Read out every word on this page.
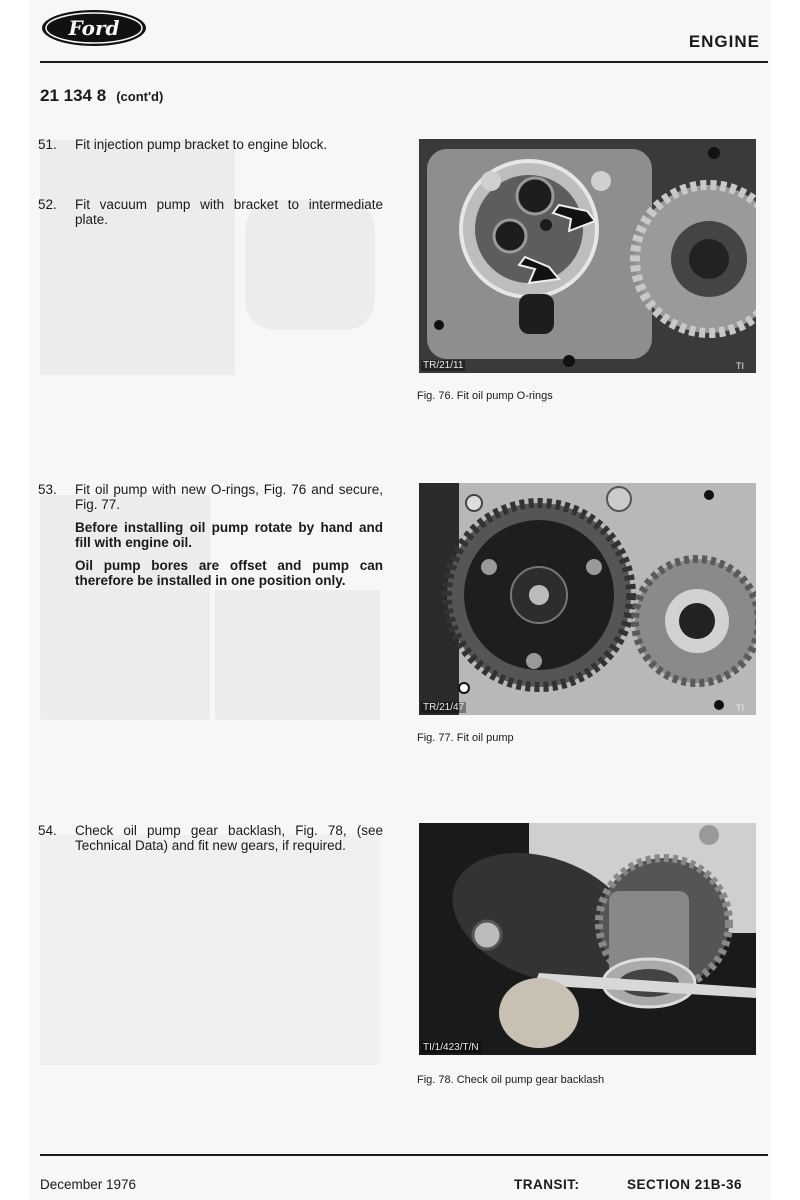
Ford
ENGINE
21 134 8 (cont'd)
51. Fit injection pump bracket to engine block.
52. Fit vacuum pump with bracket to intermediate plate.
53. Fit oil pump with new O-rings, Fig. 76 and secure, Fig. 77.
Before installing oil pump rotate by hand and fill with engine oil.
Oil pump bores are offset and pump can therefore be installed in one position only.
54. Check oil pump gear backlash, Fig. 78, (see Technical Data) and fit new gears, if required.
TR/21/11	TI
Fig. 76. Fit oil pump O-rings
TR/21/47	TI
Fig. 77. Fit oil pump
TI/1/423/T/N
Fig. 78. Check oil pump gear backlash
December 1976	TRANSIT:	SECTION 21B-36
